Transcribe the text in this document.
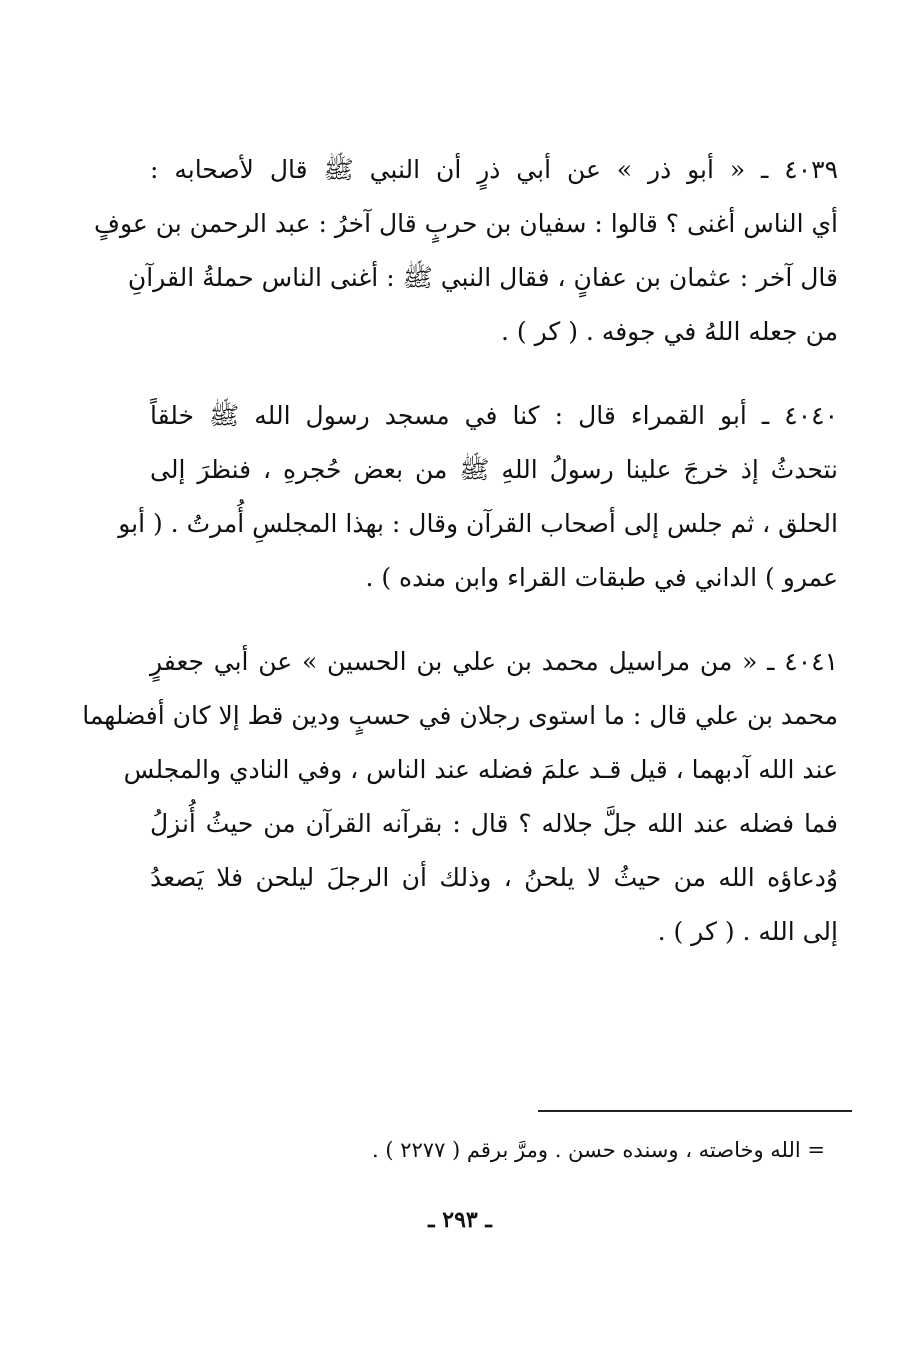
٤٠٣٩ ـ « أبو ذر » عن أبي ذرٍ أن النبي ﷺ قال لأصحابه :
أي الناس أغنى ؟ قالوا : سفيان بن حربٍ قال آخرُ : عبد الرحمن بن عوفٍ
قال آخر : عثمان بن عفانٍ ، فقال النبي ﷺ : أغنى الناس حملةُ القرآنِ
من جعله اللهُ في جوفه . ( كر ) .
٤٠٤٠ ـ أبو القمراء قال : كنا في مسجد رسول الله ﷺ خلقاً
نتحدثُ إذ خرجَ علينا رسولُ اللهِ ﷺ من بعض حُجرهِ ، فنظرَ إلى
الحلق ، ثم جلس إلى أصحاب القرآن وقال : بهذا المجلسِ أُمرتُ . ( أبو
عمرو ) الداني في طبقات القراء وابن منده ) .
٤٠٤١ ـ « من مراسيل محمد بن علي بن الحسين » عن أبي جعفرٍ
محمد بن علي قال : ما استوى رجلان في حسبٍ ودين قط إلا كان أفضلهما
عند الله آدبهما ، قيل قـد علمَ فضله عند الناس ، وفي النادي والمجلس
فما فضله عند الله جلَّ جلاله ؟ قال : بقرآنه القرآن من حيثُ أُنزلُ
وُدعاؤه الله من حيثُ لا يلحنُ ، وذلك أن الرجلَ ليلحن فلا يَصعدُ
إلى الله . ( كر ) .
= الله وخاصته ، وسنده حسن . ومرَّ برقم ( ٢٢٧٧ ) .
ـ ٢٩٣ ـ
